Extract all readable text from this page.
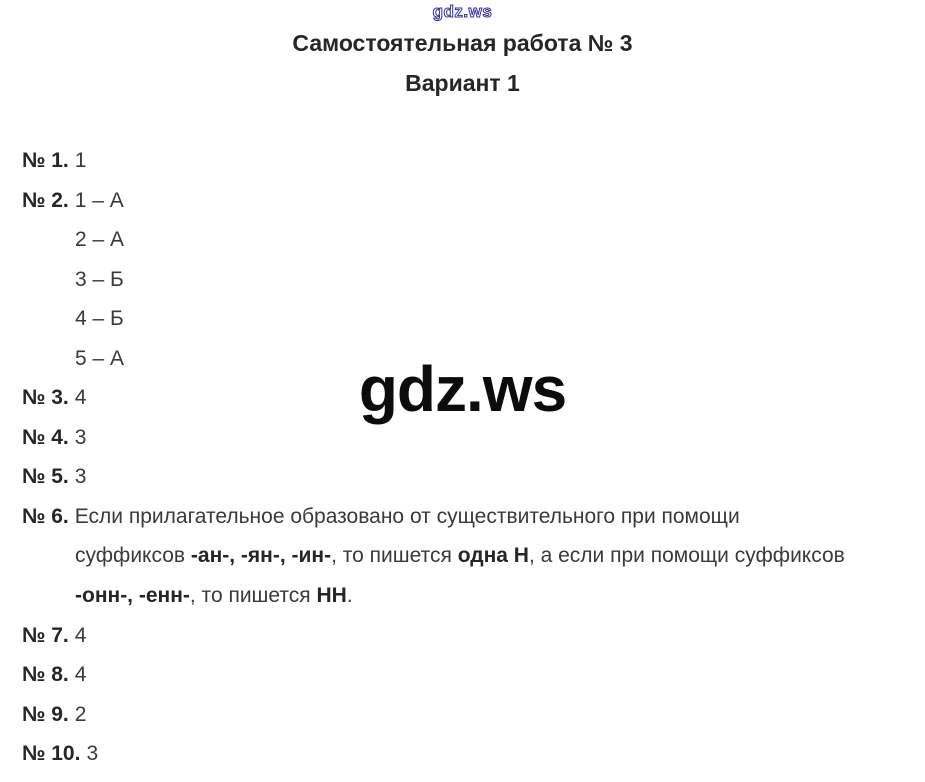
gdz.ws
Самостоятельная работа № 3
Вариант 1
gdz.ws
№ 1. 1
№ 2. 1 – А
2 – А
3 – Б
4 – Б
5 – А
№ 3. 4
№ 4. 3
№ 5. 3
№ 6. Если прилагательное образовано от существительного при помощи
суффиксов -ан-, -ян-, -ин-, то пишется одна Н, а если при помощи суффиксов
-онн-, -енн-, то пишется НН.
№ 7. 4
№ 8. 4
№ 9. 2
№ 10. 3
